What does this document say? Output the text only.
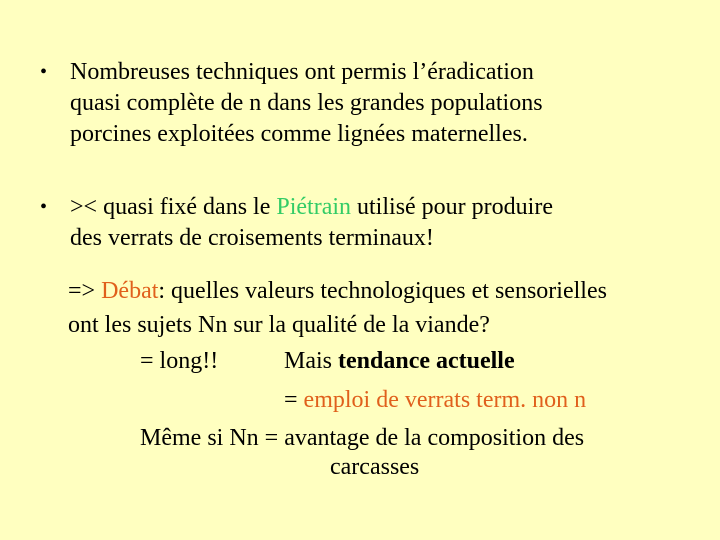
• Nombreuses techniques ont permis l’éradication
quasi complète de n dans les grandes populations
porcines exploitées comme lignées maternelles.
• >< quasi fixé dans le Piétrain utilisé pour produire
des verrats de croisements terminaux!
=> Débat: quelles valeurs technologiques et sensorielles
ont les sujets Nn sur la qualité de la viande?
= long!!	Mais tendance actuelle
= emploi de verrats term. non n
Même si Nn = avantage de la composition des
carcasses
